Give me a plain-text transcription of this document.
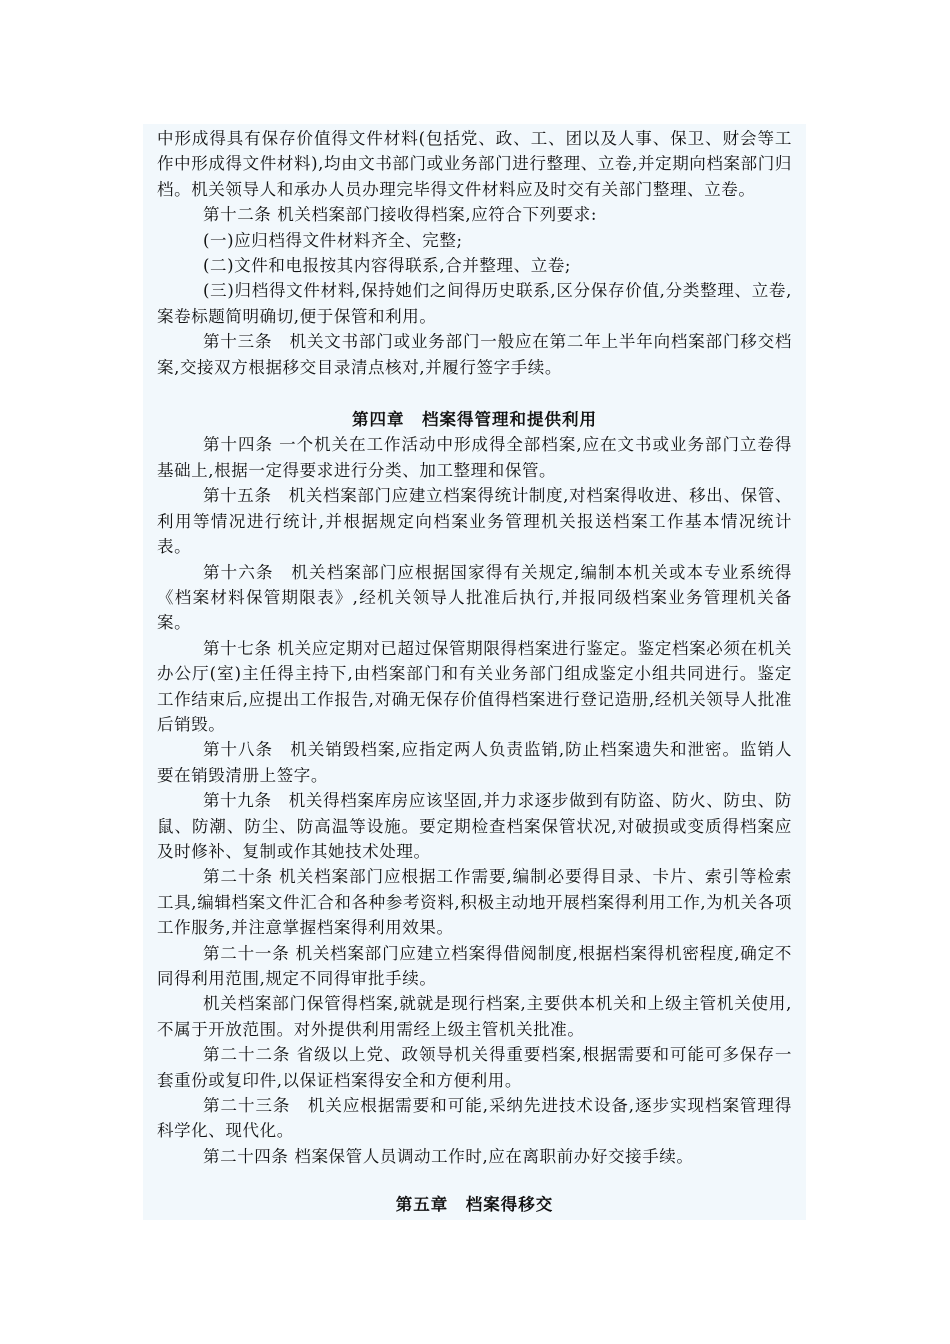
中形成得具有保存价值得文件材料(包括党、政、工、团以及人事、保卫、财会等工作中形成得文件材料),均由文书部门或业务部门进行整理、立卷,并定期向档案部门归档。机关领导人和承办人员办理完毕得文件材料应及时交有关部门整理、立卷。

第十二条 机关档案部门接收得档案,应符合下列要求:

(一)应归档得文件材料齐全、完整;

(二)文件和电报按其内容得联系,合并整理、立卷;

(三)归档得文件材料,保持她们之间得历史联系,区分保存价值,分类整理、立卷,案卷标题简明确切,便于保管和利用。

第十三条　机关文书部门或业务部门一般应在第二年上半年向档案部门移交档案,交接双方根据移交目录清点核对,并履行签字手续。

第四章　档案得管理和提供利用

第十四条 一个机关在工作活动中形成得全部档案,应在文书或业务部门立卷得基础上,根据一定得要求进行分类、加工整理和保管。

第十五条　机关档案部门应建立档案得统计制度,对档案得收进、移出、保管、利用等情况进行统计,并根据规定向档案业务管理机关报送档案工作基本情况统计表。

第十六条　机关档案部门应根据国家得有关规定,编制本机关或本专业系统得《档案材料保管期限表》,经机关领导人批准后执行,并报同级档案业务管理机关备案。

第十七条 机关应定期对已超过保管期限得档案进行鉴定。鉴定档案必须在机关办公厅(室)主任得主持下,由档案部门和有关业务部门组成鉴定小组共同进行。鉴定工作结束后,应提出工作报告,对确无保存价值得档案进行登记造册,经机关领导人批准后销毁。

第十八条　机关销毁档案,应指定两人负责监销,防止档案遗失和泄密。监销人要在销毁清册上签字。

第十九条　机关得档案库房应该坚固,并力求逐步做到有防盗、防火、防虫、防鼠、防潮、防尘、防高温等设施。要定期检查档案保管状况,对破损或变质得档案应及时修补、复制或作其她技术处理。

第二十条 机关档案部门应根据工作需要,编制必要得目录、卡片、索引等检索工具,编辑档案文件汇合和各种参考资料,积极主动地开展档案得利用工作,为机关各项工作服务,并注意掌握档案得利用效果。

第二十一条 机关档案部门应建立档案得借阅制度,根据档案得机密程度,确定不同得利用范围,规定不同得审批手续。

机关档案部门保管得档案,就就是现行档案,主要供本机关和上级主管机关使用,不属于开放范围。对外提供利用需经上级主管机关批准。

第二十二条 省级以上党、政领导机关得重要档案,根据需要和可能可多保存一套重份或复印件,以保证档案得安全和方便利用。

第二十三条　机关应根据需要和可能,采纳先进技术设备,逐步实现档案管理得科学化、现代化。

第二十四条 档案保管人员调动工作时,应在离职前办好交接手续。

第五章　档案得移交
